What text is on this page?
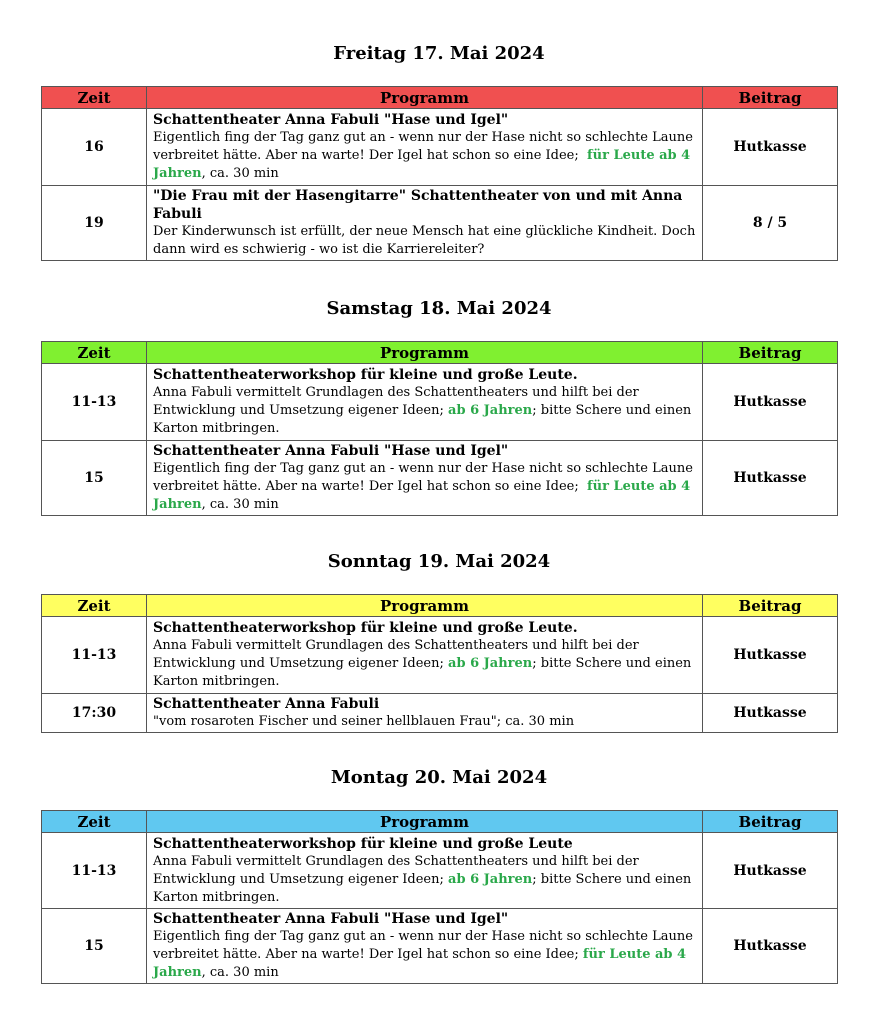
Freitag 17. Mai 2024
Zeit	Programm	Beitrag
16	Schattentheater Anna Fabuli "Hase und Igel"
Eigentlich fing der Tag ganz gut an - wenn nur der Hase nicht so schlechte Laune verbreitet hätte. Aber na warte! Der Igel hat schon so eine Idee; für Leute ab 4 Jahren, ca. 30 min	Hutkasse
19	"Die Frau mit der Hasengitarre" Schattentheater von und mit Anna Fabuli
Der Kinderwunsch ist erfüllt, der neue Mensch hat eine glückliche Kindheit. Doch dann wird es schwierig - wo ist die Karriereleiter?	8 / 5
Samstag 18. Mai 2024
Zeit	Programm	Beitrag
11-13	Schattentheaterworkshop für kleine und große Leute.
Anna Fabuli vermittelt Grundlagen des Schattentheaters und hilft bei der Entwicklung und Umsetzung eigener Ideen; ab 6 Jahren; bitte Schere und einen Karton mitbringen.	Hutkasse
15	Schattentheater Anna Fabuli "Hase und Igel"
Eigentlich fing der Tag ganz gut an - wenn nur der Hase nicht so schlechte Laune verbreitet hätte. Aber na warte! Der Igel hat schon so eine Idee; für Leute ab 4 Jahren, ca. 30 min	Hutkasse
Sonntag 19. Mai 2024
Zeit	Programm	Beitrag
11-13	Schattentheaterworkshop für kleine und große Leute.
Anna Fabuli vermittelt Grundlagen des Schattentheaters und hilft bei der Entwicklung und Umsetzung eigener Ideen; ab 6 Jahren; bitte Schere und einen Karton mitbringen.	Hutkasse
17:30	Schattentheater Anna Fabuli
"vom rosaroten Fischer und seiner hellblauen Frau"; ca. 30 min	Hutkasse
Montag 20. Mai 2024
Zeit	Programm	Beitrag
11-13	Schattentheaterworkshop für kleine und große Leute
Anna Fabuli vermittelt Grundlagen des Schattentheaters und hilft bei der Entwicklung und Umsetzung eigener Ideen; ab 6 Jahren; bitte Schere und einen Karton mitbringen.	Hutkasse
15	Schattentheater Anna Fabuli "Hase und Igel"
Eigentlich fing der Tag ganz gut an - wenn nur der Hase nicht so schlechte Laune verbreitet hätte. Aber na warte! Der Igel hat schon so eine Idee; für Leute ab 4 Jahren, ca. 30 min	Hutkasse
